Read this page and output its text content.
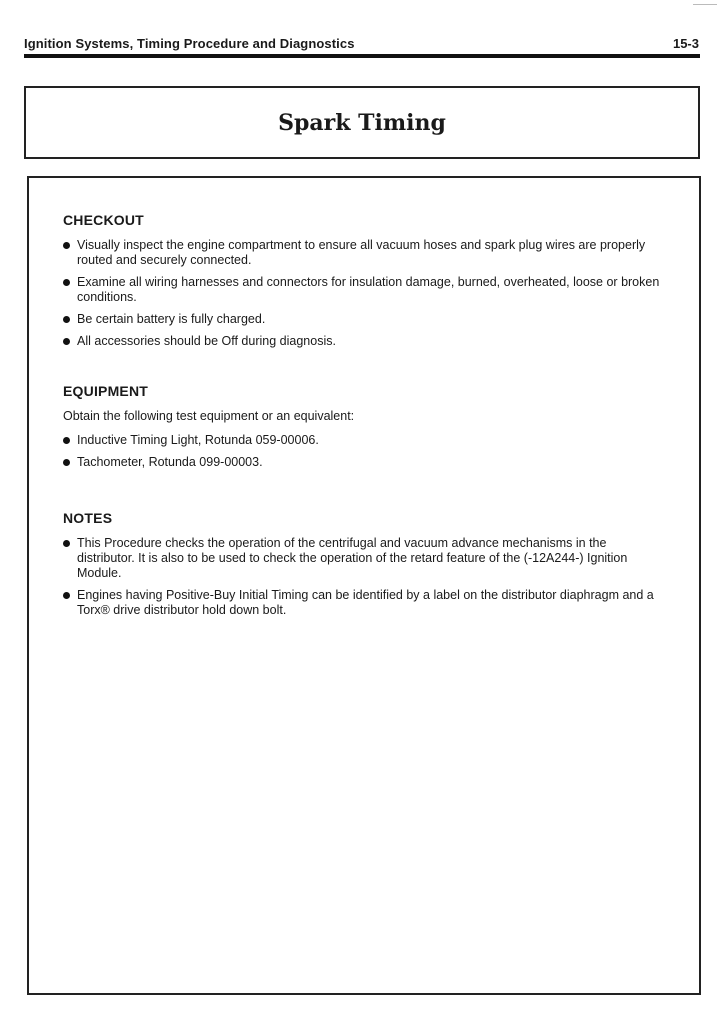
Ignition Systems, Timing Procedure and Diagnostics	15-3
Spark Timing
CHECKOUT
Visually inspect the engine compartment to ensure all vacuum hoses and spark plug wires are properly routed and securely connected.
Examine all wiring harnesses and connectors for insulation damage, burned, overheated, loose or broken conditions.
Be certain battery is fully charged.
All accessories should be Off during diagnosis.
EQUIPMENT
Obtain the following test equipment or an equivalent:
Inductive Timing Light, Rotunda 059-00006.
Tachometer, Rotunda 099-00003.
NOTES
This Procedure checks the operation of the centrifugal and vacuum advance mechanisms in the distributor. It is also to be used to check the operation of the retard feature of the (-12A244-) Ignition Module.
Engines having Positive-Buy Initial Timing can be identified by a label on the distributor diaphragm and a Torx® drive distributor hold down bolt.
